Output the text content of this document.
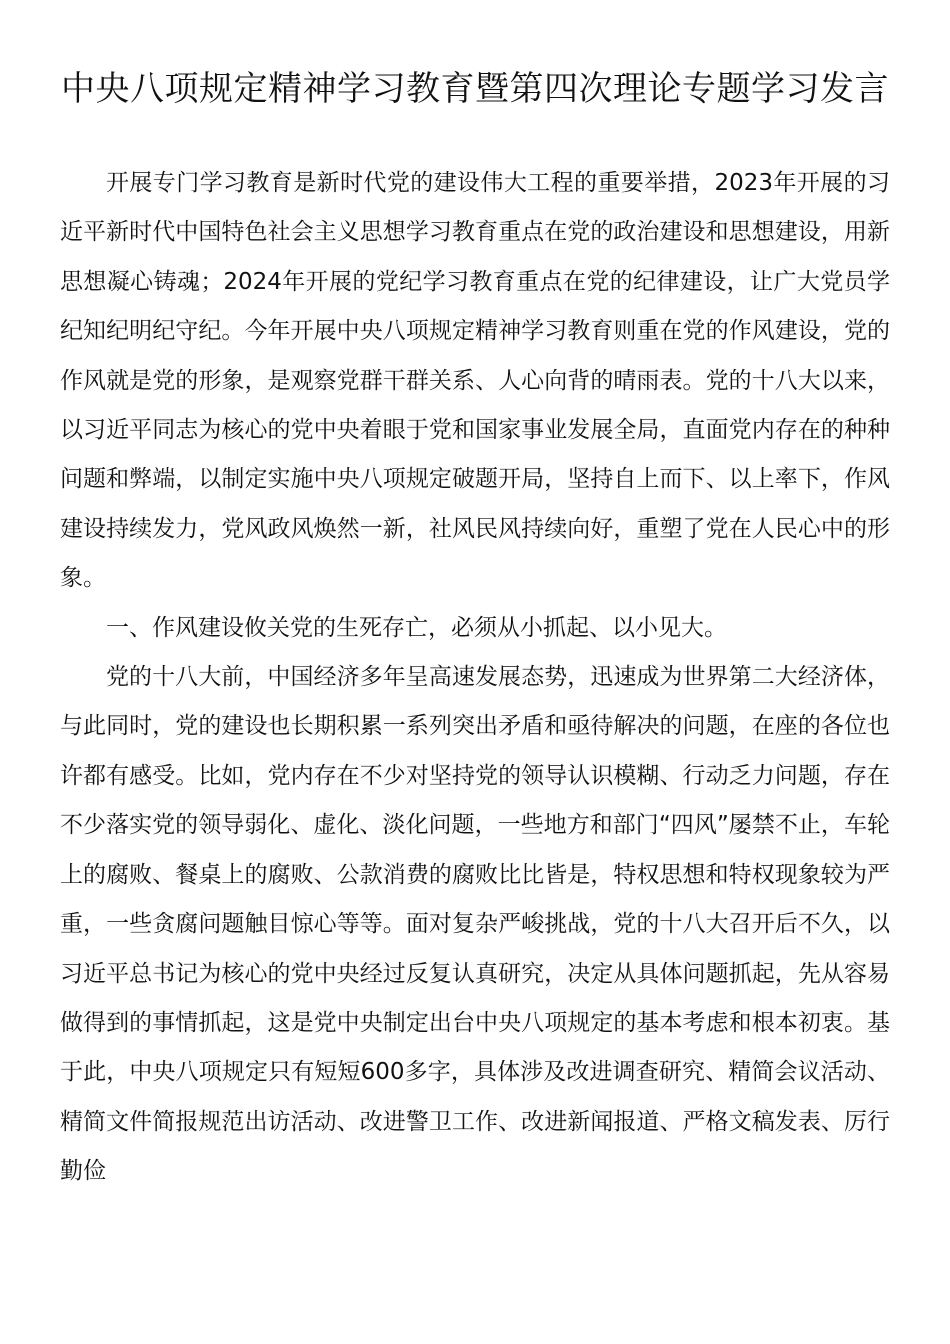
中央八项规定精神学习教育暨第四次理论专题学习发言

开展专门学习教育是新时代党的建设伟大工程的重要举措，2023年开展的习近平新时代中国特色社会主义思想学习教育重点在党的政治建设和思想建设，用新思想凝心铸魂；2024年开展的党纪学习教育重点在党的纪律建设，让广大党员学纪知纪明纪守纪。今年开展中央八项规定精神学习教育则重在党的作风建设，党的作风就是党的形象，是观察党群干群关系、人心向背的晴雨表。党的十八大以来，以习近平同志为核心的党中央着眼于党和国家事业发展全局，直面党内存在的种种问题和弊端，以制定实施中央八项规定破题开局，坚持自上而下、以上率下，作风建设持续发力，党风政风焕然一新，社风民风持续向好，重塑了党在人民心中的形象。

一、作风建设攸关党的生死存亡，必须从小抓起、以小见大。

党的十八大前，中国经济多年呈高速发展态势，迅速成为世界第二大经济体，与此同时，党的建设也长期积累一系列突出矛盾和亟待解决的问题，在座的各位也许都有感受。比如，党内存在不少对坚持党的领导认识模糊、行动乏力问题，存在不少落实党的领导弱化、虚化、淡化问题，一些地方和部门“四风”屡禁不止，车轮上的腐败、餐桌上的腐败、公款消费的腐败比比皆是，特权思想和特权现象较为严重，一些贪腐问题触目惊心等等。面对复杂严峻挑战，党的十八大召开后不久，以习近平总书记为核心的党中央经过反复认真研究，决定从具体问题抓起，先从容易做得到的事情抓起，这是党中央制定出台中央八项规定的基本考虑和根本初衷。基于此，中央八项规定只有短短600多字，具体涉及改进调查研究、精简会议活动、精简文件简报规范出访活动、改进警卫工作、改进新闻报道、严格文稿发表、厉行勤俭
